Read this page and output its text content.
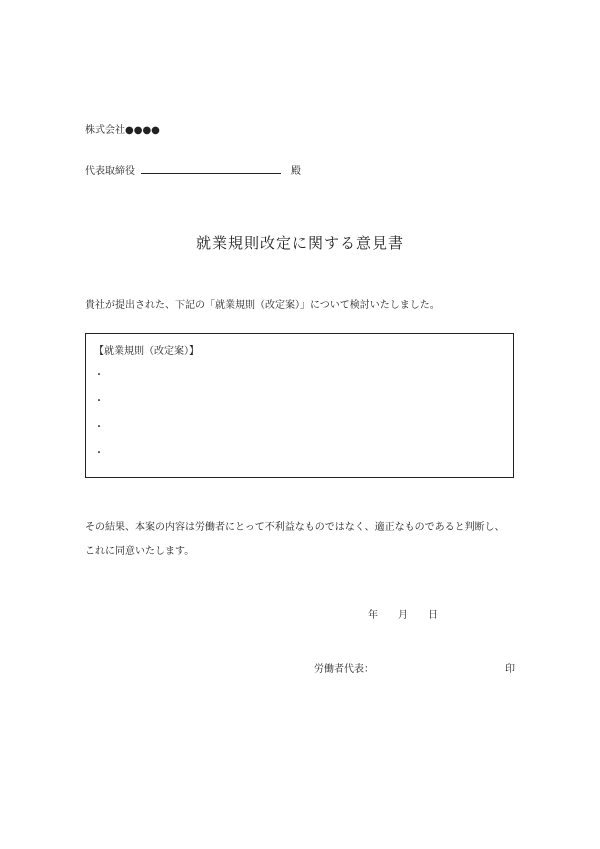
株式会社●●●●
代表取締役	殿
就業規則改定に関する意見書
貴社が提出された、下記の「就業規則（改定案）」について検討いたしました。
【就業規則（改定案）】
・
・
・
・
その結果、本案の内容は労働者にとって不利益なものではなく、適正なものであると判断し、
これに同意いたします。
年 月 日
労働者代表：	印
